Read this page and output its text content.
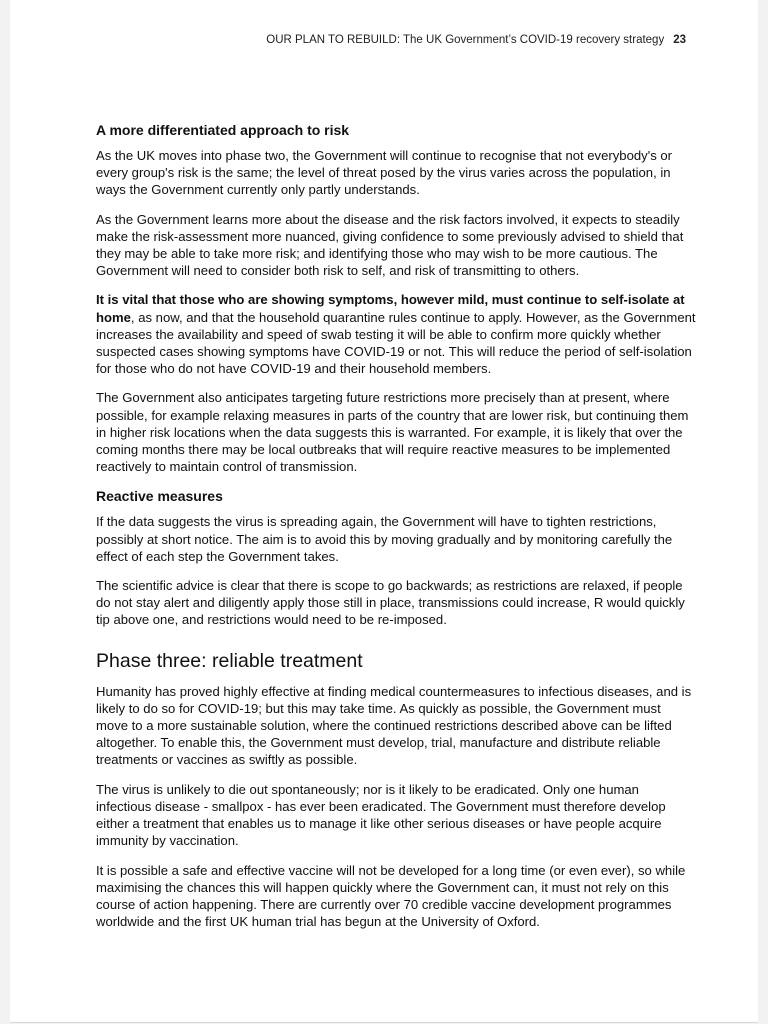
OUR PLAN TO REBUILD: The UK Government’s COVID-19 recovery strategy 23
A more differentiated approach to risk

As the UK moves into phase two, the Government will continue to recognise that not everybody's or every group's risk is the same; the level of threat posed by the virus varies across the population, in ways the Government currently only partly understands.

As the Government learns more about the disease and the risk factors involved, it expects to steadily make the risk-assessment more nuanced, giving confidence to some previously advised to shield that they may be able to take more risk; and identifying those who may wish to be more cautious. The Government will need to consider both risk to self, and risk of transmitting to others.

It is vital that those who are showing symptoms, however mild, must continue to self-isolate at home, as now, and that the household quarantine rules continue to apply. However, as the Government increases the availability and speed of swab testing it will be able to confirm more quickly whether suspected cases showing symptoms have COVID-19 or not. This will reduce the period of self-isolation for those who do not have COVID-19 and their household members.

The Government also anticipates targeting future restrictions more precisely than at present, where possible, for example relaxing measures in parts of the country that are lower risk, but continuing them in higher risk locations when the data suggests this is warranted. For example, it is likely that over the coming months there may be local outbreaks that will require reactive measures to be implemented reactively to maintain control of transmission.

Reactive measures

If the data suggests the virus is spreading again, the Government will have to tighten restrictions, possibly at short notice. The aim is to avoid this by moving gradually and by monitoring carefully the effect of each step the Government takes.

The scientific advice is clear that there is scope to go backwards; as restrictions are relaxed, if people do not stay alert and diligently apply those still in place, transmissions could increase, R would quickly tip above one, and restrictions would need to be re-imposed.

Phase three: reliable treatment

Humanity has proved highly effective at finding medical countermeasures to infectious diseases, and is likely to do so for COVID-19; but this may take time. As quickly as possible, the Government must move to a more sustainable solution, where the continued restrictions described above can be lifted altogether. To enable this, the Government must develop, trial, manufacture and distribute reliable treatments or vaccines as swiftly as possible.

The virus is unlikely to die out spontaneously; nor is it likely to be eradicated. Only one human infectious disease - smallpox - has ever been eradicated. The Government must therefore develop either a treatment that enables us to manage it like other serious diseases or have people acquire immunity by vaccination.

It is possible a safe and effective vaccine will not be developed for a long time (or even ever), so while maximising the chances this will happen quickly where the Government can, it must not rely on this course of action happening. There are currently over 70 credible vaccine development programmes worldwide and the first UK human trial has begun at the University of Oxford.
